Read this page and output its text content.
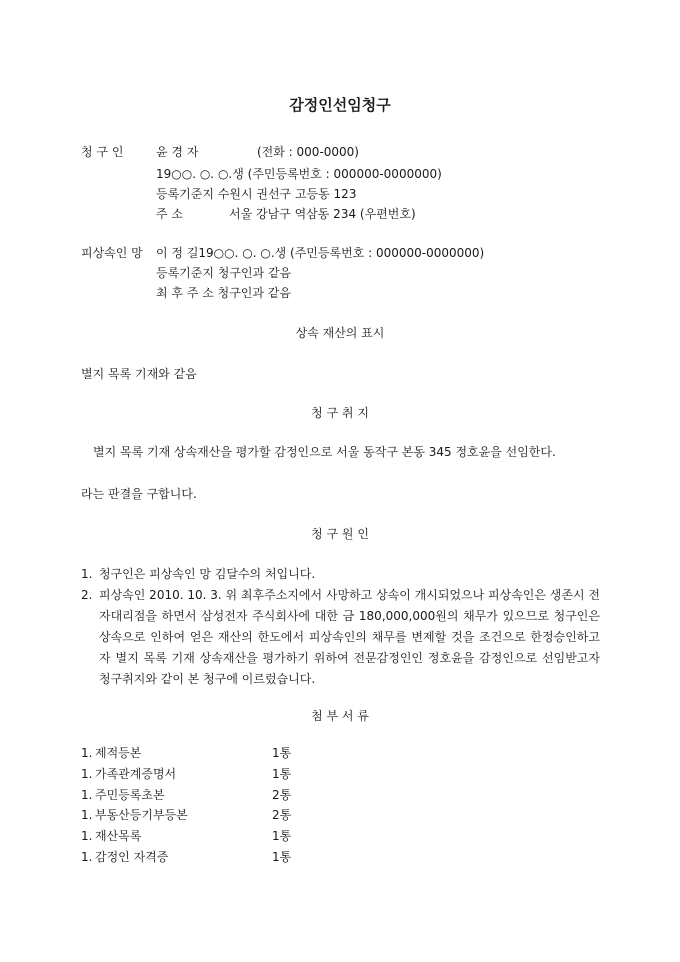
감정인선임청구
청 구 인	윤 경 자	(전화 : 000-0000)
19○○. ○. ○.생 (주민등록번호 : 000000-0000000)
등록기준지 수원시 권선구 고등동 123
주 소	서울 강남구 역삼동 234 (우편번호)
피상속인 망 이 정 길19○○. ○. ○.생 (주민등록번호 : 000000-0000000)
등록기준지 청구인과 같음
최 후 주 소 청구인과 같음
상속 재산의 표시
별지 목록 기재와 같음
청 구 취 지
별지 목록 기재 상속재산을 평가할 감정인으로 서울 동작구 본동 345 정호윤을 선임한다.
라는 판결을 구합니다.
청 구 원 인
1. 청구인은 피상속인 망 김달수의 처입니다.
2. 피상속인 2010. 10. 3. 위 최후주소지에서 사망하고 상속이 개시되었으나 피상속인은 생존시 전자대리점을 하면서 삼성전자 주식회사에 대한 금 180,000,000원의 채무가 있으므로 청구인은 상속으로 인하여 얻은 재산의 한도에서 피상속인의 채무를 변제할 것을 조건으로 한정승인하고자 별지 목록 기재 상속재산을 평가하기 위하여 전문감정인인 정호윤을 감정인으로 선임받고자 청구취지와 같이 본 청구에 이르렀습니다.
첨 부 서 류
1. 제적등본	1통
1. 가족관계증명서	1통
1. 주민등록초본	2통
1. 부동산등기부등본	2통
1. 재산목록	1통
1. 감정인 자격증	1통
